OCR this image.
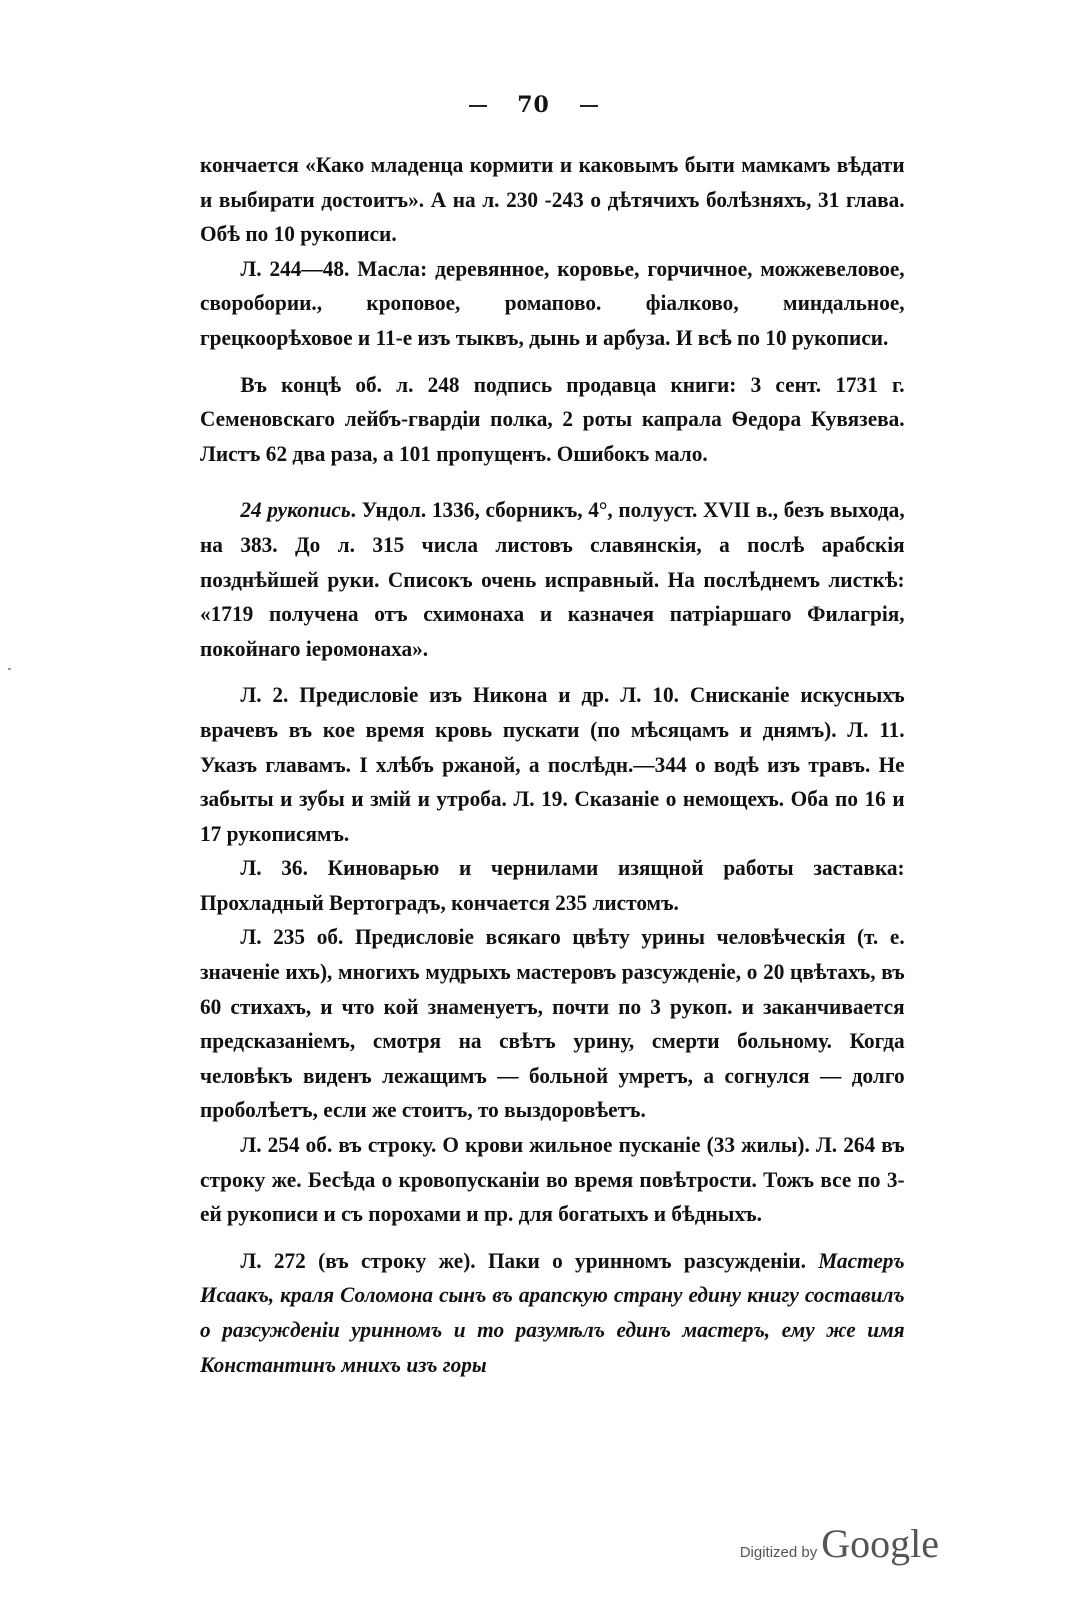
70

кончается «Како младенца кормити и каковымъ быти мамкамъ вѣдати и выбирати достоитъ». А на л. 230 -243 о дѣтячихъ болѣзняхъ, 31 глава. Обѣ по 10 рукописи.

Л. 244—48. Масла: деревянное, коровье, горчичное, можжевеловое, своробории., кроповое, ромапово. фіалково, миндальное, грецкоорѣховое и 11-е изъ тыквъ, дынь и арбуза. И всѣ по 10 рукописи.

Въ концѣ об. л. 248 подпись продавца книги: 3 сент. 1731 г. Семеновскаго лейбъ-гвардіи полка, 2 роты капрала Ѳедора Кувязева. Листъ 62 два раза, а 101 пропущенъ. Ошибокъ мало.

24 рукопись. Ундол. 1336, сборникъ, 4°, полууст. XVII в., безъ выхода, на 383. До л. 315 числа листовъ славянскія, а послѣ арабскія позднѣйшей руки. Списокъ очень исправный. На послѣднемъ листкѣ: «1719 получена отъ схимонаха и казначея патріаршаго Филагрія, покойнаго іеромонаха».

Л. 2. Предисловіе изъ Никона и др. Л. 10. Снисканіе искусныхъ врачевъ въ кое время кровь пускати (по мѣсяцамъ и днямъ). Л. 11. Указъ главамъ. I хлѣбъ ржаной, а послѣдн.—344 о водѣ изъ травъ. Не забыты и зубы и змій и утроба. Л. 19. Сказаніе о немощехъ. Оба по 16 и 17 рукописямъ.

Л. 36. Киноварью и чернилами изящной работы заставка: Прохладный Вертоградъ, кончается 235 листомъ.

Л. 235 об. Предисловіе всякаго цвѣту урины человѣческія (т. е. значеніе ихъ), многихъ мудрыхъ мастеровъ разсужденіе, о 20 цвѣтахъ, въ 60 стихахъ, и что кой знаменуетъ, почти по 3 рукоп. и заканчивается предсказаніемъ, смотря на свѣтъ урину, смерти больному. Когда человѣкъ виденъ лежащимъ — больной умретъ, а согнулся — долго проболѣетъ, если же стоитъ, то выздоровѣетъ.

Л. 254 об. въ строку. О крови жильное пусканіе (33 жилы). Л. 264 въ строку же. Бесѣда о кровопусканіи во время повѣтрости. Тожъ все по 3-ей рукописи и съ порохами и пр. для богатыхъ и бѣдныхъ.

Л. 272 (въ строку же). Паки о уринномъ разсужденіи. Мастеръ Исаакъ, краля Соломона сынъ въ арапскую страну едину книгу составилъ о разсужденіи уринномъ и то разумѣлъ единъ мастеръ, ему же имя Константинъ мнихъ изъ горы

Digitized by Google
